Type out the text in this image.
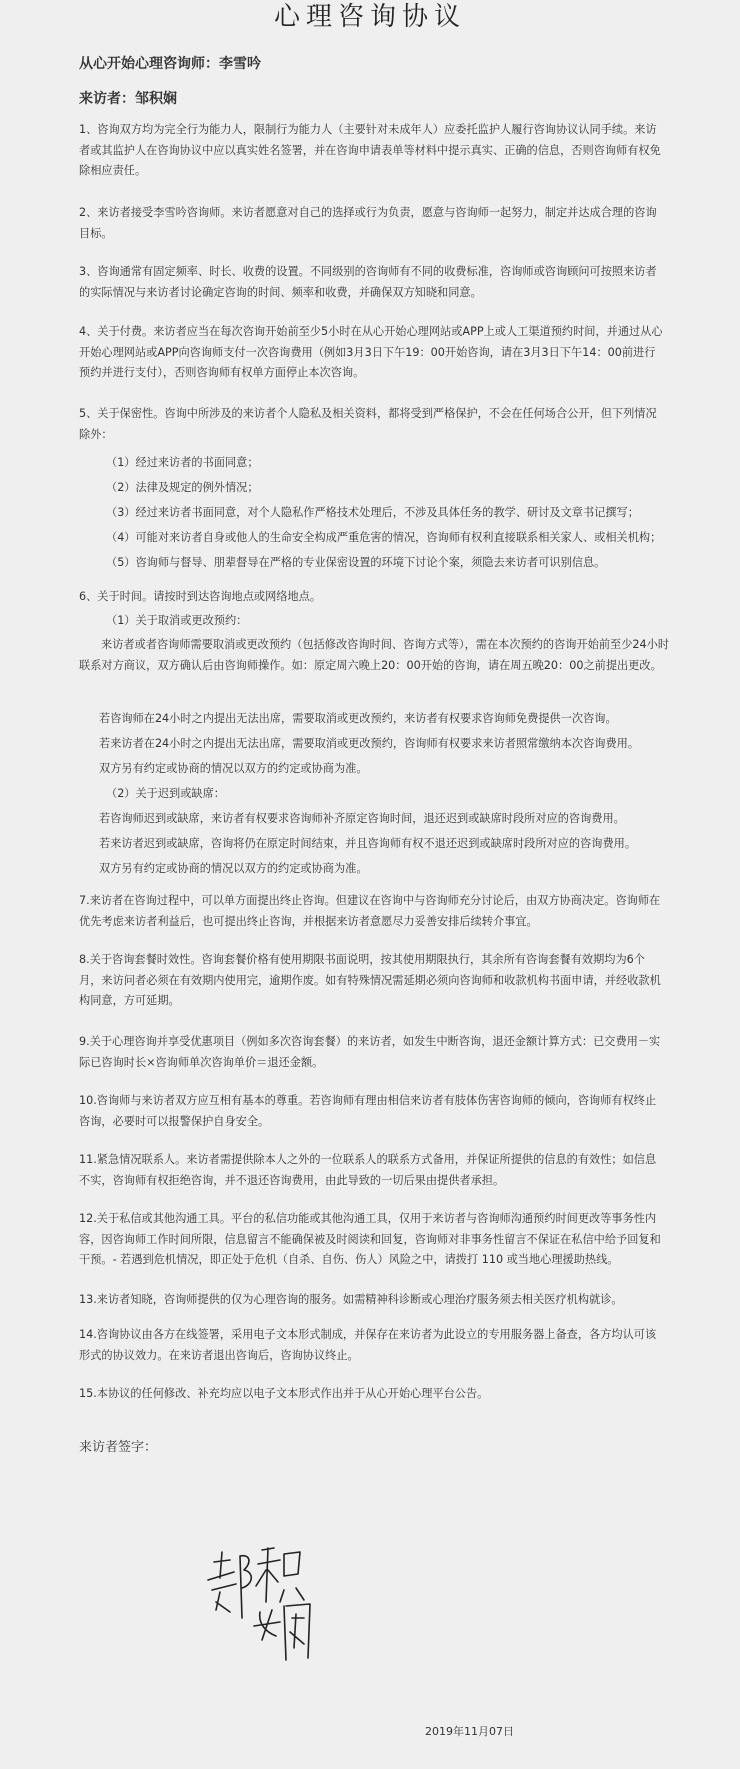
心理咨询协议
从心开始心理咨询师：李雪吟
来访者：邹积娴

1、咨询双方均为完全行为能力人，限制行为能力人（主要针对未成年人）应委托监护人履行咨询协议认同手续。来访者或其监护人在咨询协议中应以真实姓名签署，并在咨询申请表单等材料中提示真实、正确的信息，否则咨询师有权免除相应责任。

2、来访者接受李雪吟咨询师。来访者愿意对自己的选择或行为负责，愿意与咨询师一起努力，制定并达成合理的咨询目标。

3、咨询通常有固定频率、时长、收费的设置。不同级别的咨询师有不同的收费标准，咨询师或咨询顾问可按照来访者的实际情况与来访者讨论确定咨询的时间、频率和收费，并确保双方知晓和同意。

4、关于付费。来访者应当在每次咨询开始前至少5小时在从心开始心理网站或APP上或人工渠道预约时间，并通过从心开始心理网站或APP向咨询师支付一次咨询费用（例如3月3日下午19：00开始咨询，请在3月3日下午14：00前进行预约并进行支付），否则咨询师有权单方面停止本次咨询。

5、关于保密性。咨询中所涉及的来访者个人隐私及相关资料，都将受到严格保护，不会在任何场合公开，但下列情况除外：

（1）经过来访者的书面同意；
（2）法律及规定的例外情况；
（3）经过来访者书面同意，对个人隐私作严格技术处理后，不涉及具体任务的教学、研讨及文章书记撰写；
（4）可能对来访者自身或他人的生命安全构成严重危害的情况，咨询师有权利直接联系相关家人、或相关机构；
（5）咨询师与督导、朋辈督导在严格的专业保密设置的环境下讨论个案，须隐去来访者可识别信息。
6、关于时间。请按时到达咨询地点或网络地点。
（1）关于取消或更改预约：

来访者或者咨询师需要取消或更改预约（包括修改咨询时间、咨询方式等），需在本次预约的咨询开始前至少24小时联系对方商议，双方确认后由咨询师操作。如：原定周六晚上20：00开始的咨询，请在周五晚20：00之前提出更改。

若咨询师在24小时之内提出无法出席，需要取消或更改预约，来访者有权要求咨询师免费提供一次咨询。
若来访者在24小时之内提出无法出席，需要取消或更改预约，咨询师有权要求来访者照常缴纳本次咨询费用。
双方另有约定或协商的情况以双方的约定或协商为准。
（2）关于迟到或缺席：
若咨询师迟到或缺席，来访者有权要求咨询师补齐原定咨询时间，退还迟到或缺席时段所对应的咨询费用。
若来访者迟到或缺席，咨询将仍在原定时间结束，并且咨询师有权不退还迟到或缺席时段所对应的咨询费用。
双方另有约定或协商的情况以双方的约定或协商为准。

7.来访者在咨询过程中，可以单方面提出终止咨询。但建议在咨询中与咨询师充分讨论后，由双方协商决定。咨询师在优先考虑来访者利益后，也可提出终止咨询，并根据来访者意愿尽力妥善安排后续转介事宜。

8.关于咨询套餐时效性。咨询套餐价格有使用期限书面说明，按其使用期限执行，其余所有咨询套餐有效期均为6个月，来访问者必须在有效期内使用完，逾期作废。如有特殊情况需延期必须向咨询师和收款机构书面申请，并经收款机构同意，方可延期。

9.关于心理咨询并享受优惠项目（例如多次咨询套餐）的来访者，如发生中断咨询，退还金额计算方式：已交费用－实际已咨询时长×咨询师单次咨询单价＝退还金额。

10.咨询师与来访者双方应互相有基本的尊重。若咨询师有理由相信来访者有肢体伤害咨询师的倾向，咨询师有权终止咨询，必要时可以报警保护自身安全。

11.紧急情况联系人。来访者需提供除本人之外的一位联系人的联系方式备用，并保证所提供的信息的有效性；如信息不实，咨询师有权拒绝咨询，并不退还咨询费用，由此导致的一切后果由提供者承担。

12.关于私信或其他沟通工具。平台的私信功能或其他沟通工具，仅用于来访者与咨询师沟通预约时间更改等事务性内容，因咨询师工作时间所限，信息留言不能确保被及时阅读和回复，咨询师对非事务性留言不保证在私信中给予回复和干预。- 若遇到危机情况，即正处于危机（自杀、自伤、伤人）风险之中，请拨打 110 或当地心理援助热线。

13.来访者知晓，咨询师提供的仅为心理咨询的服务。如需精神科诊断或心理治疗服务须去相关医疗机构就诊。

14.咨询协议由各方在线签署，采用电子文本形式制成，并保存在来访者为此设立的专用服务器上备查，各方均认可该形式的协议效力。在来访者退出咨询后，咨询协议终止。

15.本协议的任何修改、补充均应以电子文本形式作出并于从心开始心理平台公告。

来访者签字：
2019年11月07日
